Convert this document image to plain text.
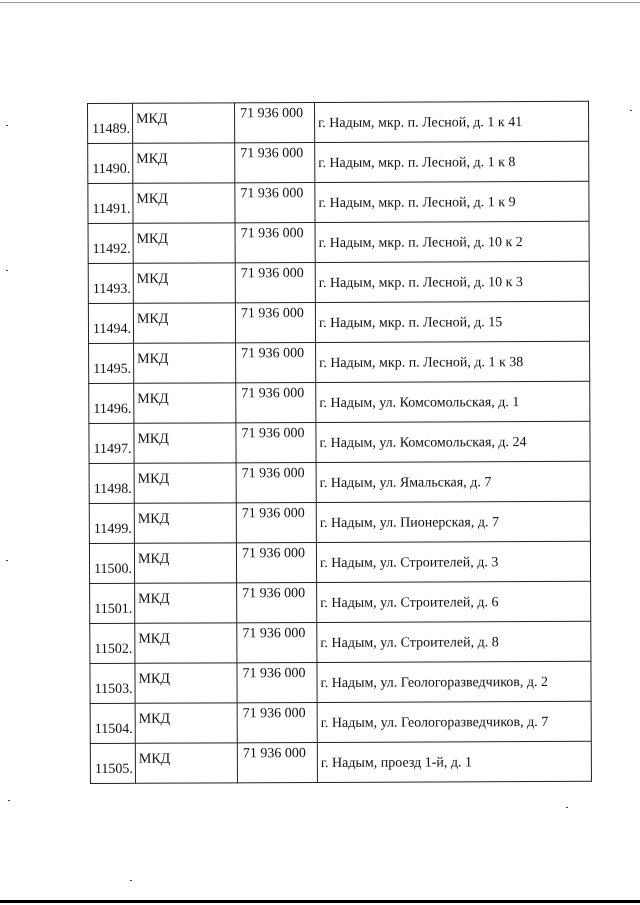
11489.	МКД	71 936 000	г. Надым, мкр. п. Лесной, д. 1 к 41
11490.	МКД	71 936 000	г. Надым, мкр. п. Лесной, д. 1 к 8
11491.	МКД	71 936 000	г. Надым, мкр. п. Лесной, д. 1 к 9
11492.	МКД	71 936 000	г. Надым, мкр. п. Лесной, д. 10 к 2
11493.	МКД	71 936 000	г. Надым, мкр. п. Лесной, д. 10 к 3
11494.	МКД	71 936 000	г. Надым, мкр. п. Лесной, д. 15
11495.	МКД	71 936 000	г. Надым, мкр. п. Лесной, д. 1 к 38
11496.	МКД	71 936 000	г. Надым, ул. Комсомольская, д. 1
11497.	МКД	71 936 000	г. Надым, ул. Комсомольская, д. 24
11498.	МКД	71 936 000	г. Надым, ул. Ямальская, д. 7
11499.	МКД	71 936 000	г. Надым, ул. Пионерская, д. 7
11500.	МКД	71 936 000	г. Надым, ул. Строителей, д. 3
11501.	МКД	71 936 000	г. Надым, ул. Строителей, д. 6
11502.	МКД	71 936 000	г. Надым, ул. Строителей, д. 8
11503.	МКД	71 936 000	г. Надым, ул. Геологоразведчиков, д. 2
11504.	МКД	71 936 000	г. Надым, ул. Геологоразведчиков, д. 7
11505.	МКД	71 936 000	г. Надым, проезд 1-й, д. 1
